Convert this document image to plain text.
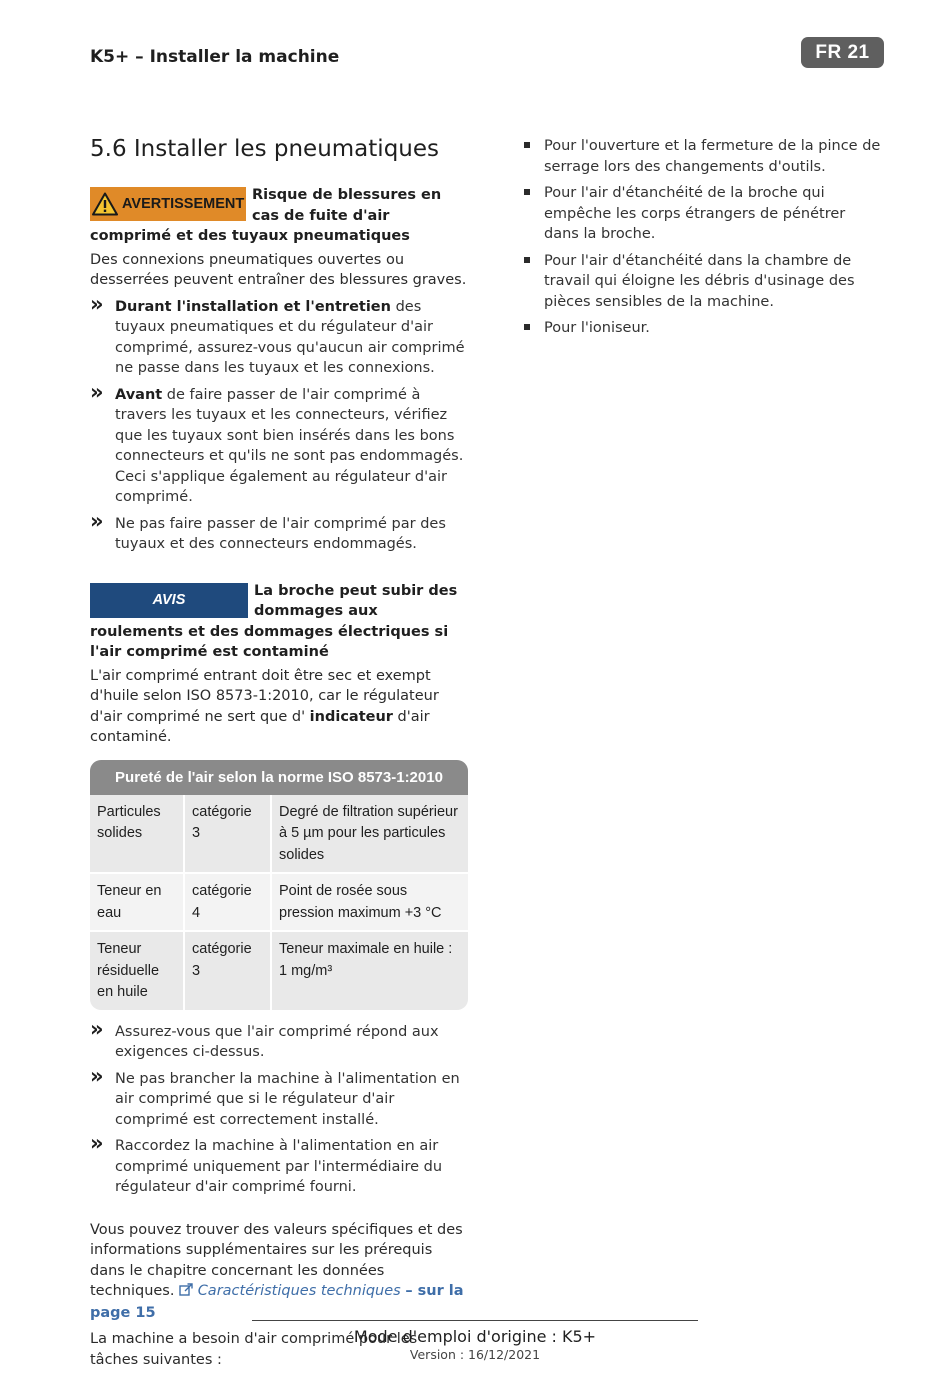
K5+ – Installer la machine	FR 21
5.6 Installer les pneumatiques
AVERTISSEMENT
Risque de blessures en cas de fuite d'air comprimé et des tuyaux pneumatiques
Des connexions pneumatiques ouvertes ou desserrées peuvent entraîner des blessures graves.
» Durant l'installation et l'entretien des tuyaux pneumatiques et du régulateur d'air comprimé, assurez-vous qu'aucun air comprimé ne passe dans les tuyaux et les connexions.
» Avant de faire passer de l'air comprimé à travers les tuyaux et les connecteurs, vérifiez que les tuyaux sont bien insérés dans les bons connecteurs et qu'ils ne sont pas endommagés. Ceci s'applique également au régulateur d'air comprimé.
» Ne pas faire passer de l'air comprimé par des tuyaux et des connecteurs endommagés.
AVIS
La broche peut subir des dommages aux roulements et des dommages électriques si l'air comprimé est contaminé
L'air comprimé entrant doit être sec et exempt d'huile selon ISO 8573-1:2010, car le régulateur d'air comprimé ne sert que d' indicateur d'air contaminé.
Pureté de l'air selon la norme ISO 8573-1:2010
Particules solides	catégorie 3	Degré de filtration supérieur à 5 µm pour les particules solides
Teneur en eau	catégorie 4	Point de rosée sous pression maximum +3 °C
Teneur résiduelle en huile	catégorie 3	Teneur maximale en huile : 1 mg/m³
» Assurez-vous que l'air comprimé répond aux exigences ci-dessus.
» Ne pas brancher la machine à l'alimentation en air comprimé que si le régulateur d'air comprimé est correctement installé.
» Raccordez la machine à l'alimentation en air comprimé uniquement par l'intermédiaire du régulateur d'air comprimé fourni.
Vous pouvez trouver des valeurs spécifiques et des informations supplémentaires sur les prérequis dans le chapitre concernant les données techniques. Caractéristiques techniques – sur la page 15
La machine a besoin d'air comprimé pour les tâches suivantes :
Pour l'ouverture et la fermeture de la pince de serrage lors des changements d'outils.
Pour l'air d'étanchéité de la broche qui empêche les corps étrangers de pénétrer dans la broche.
Pour l'air d'étanchéité dans la chambre de travail qui éloigne les débris d'usinage des pièces sensibles de la machine.
Pour l'ioniseur.
Mode d'emploi d'origine : K5+
Version : 16/12/2021
